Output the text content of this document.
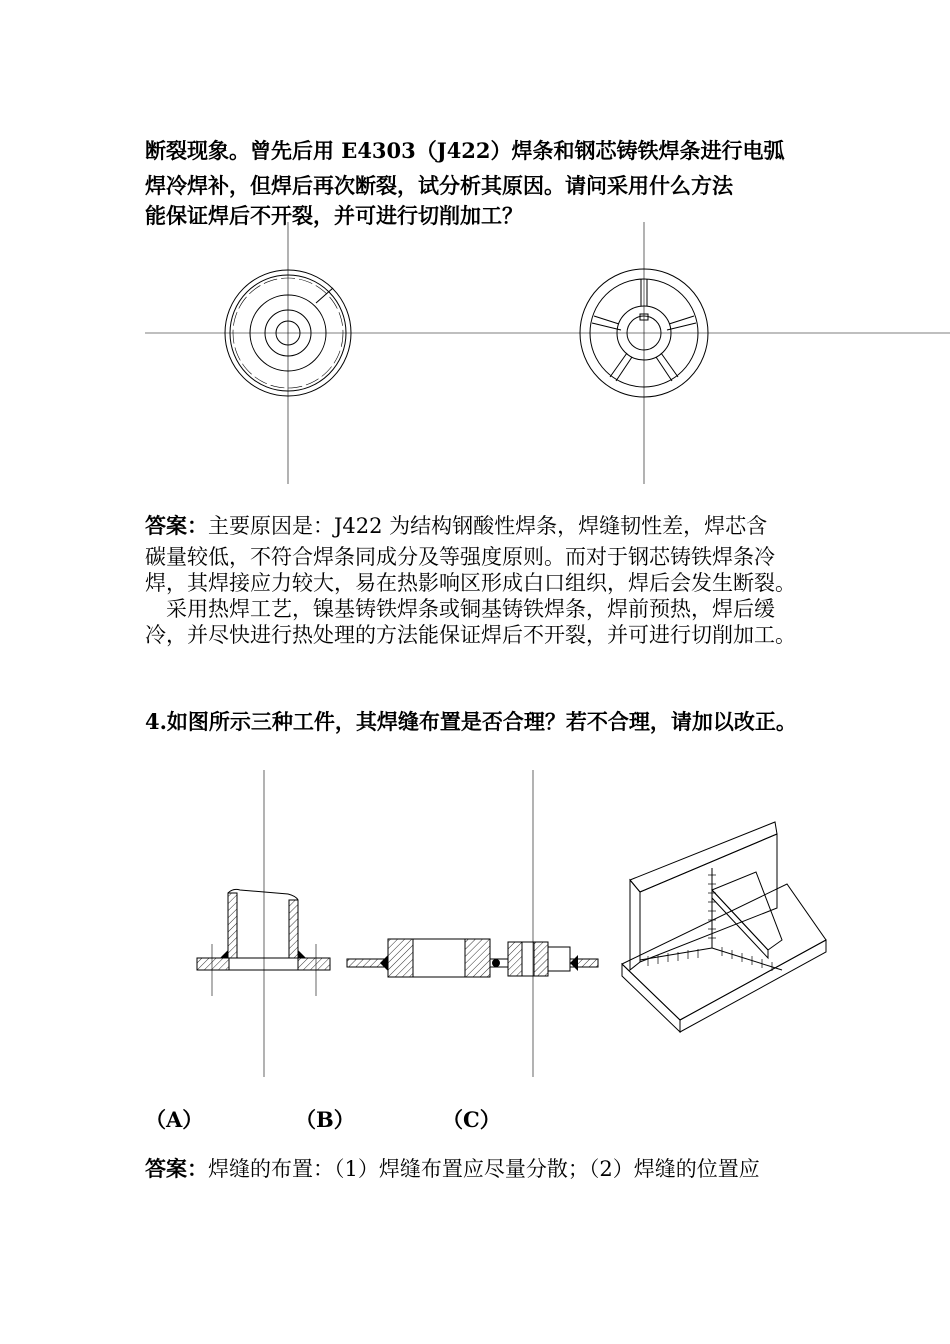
断裂现象。曾先后用 E4303（J422）焊条和钢芯铸铁焊条进行电弧
焊冷焊补，但焊后再次断裂，试分析其原因。请问采用什么方法
能保证焊后不开裂，并可进行切削加工？

答案：主要原因是：J422 为结构钢酸性焊条，焊缝韧性差，焊芯含

碳量较低，不符合焊条同成分及等强度原则。而对于钢芯铸铁焊条冷焊，其焊接应力较大，易在热影响区形成白口组织，焊后会发生断裂。

采用热焊工艺，镍基铸铁焊条或铜基铸铁焊条，焊前预热，焊后缓冷，并尽快进行热处理的方法能保证焊后不开裂，并可进行切削加工。

4.如图所示三种工件，其焊缝布置是否合理？若不合理，请加以改正。
（A）	（B）	（C）
答案：焊缝的布置：（1）焊缝布置应尽量分散；（2）焊缝的位置应
